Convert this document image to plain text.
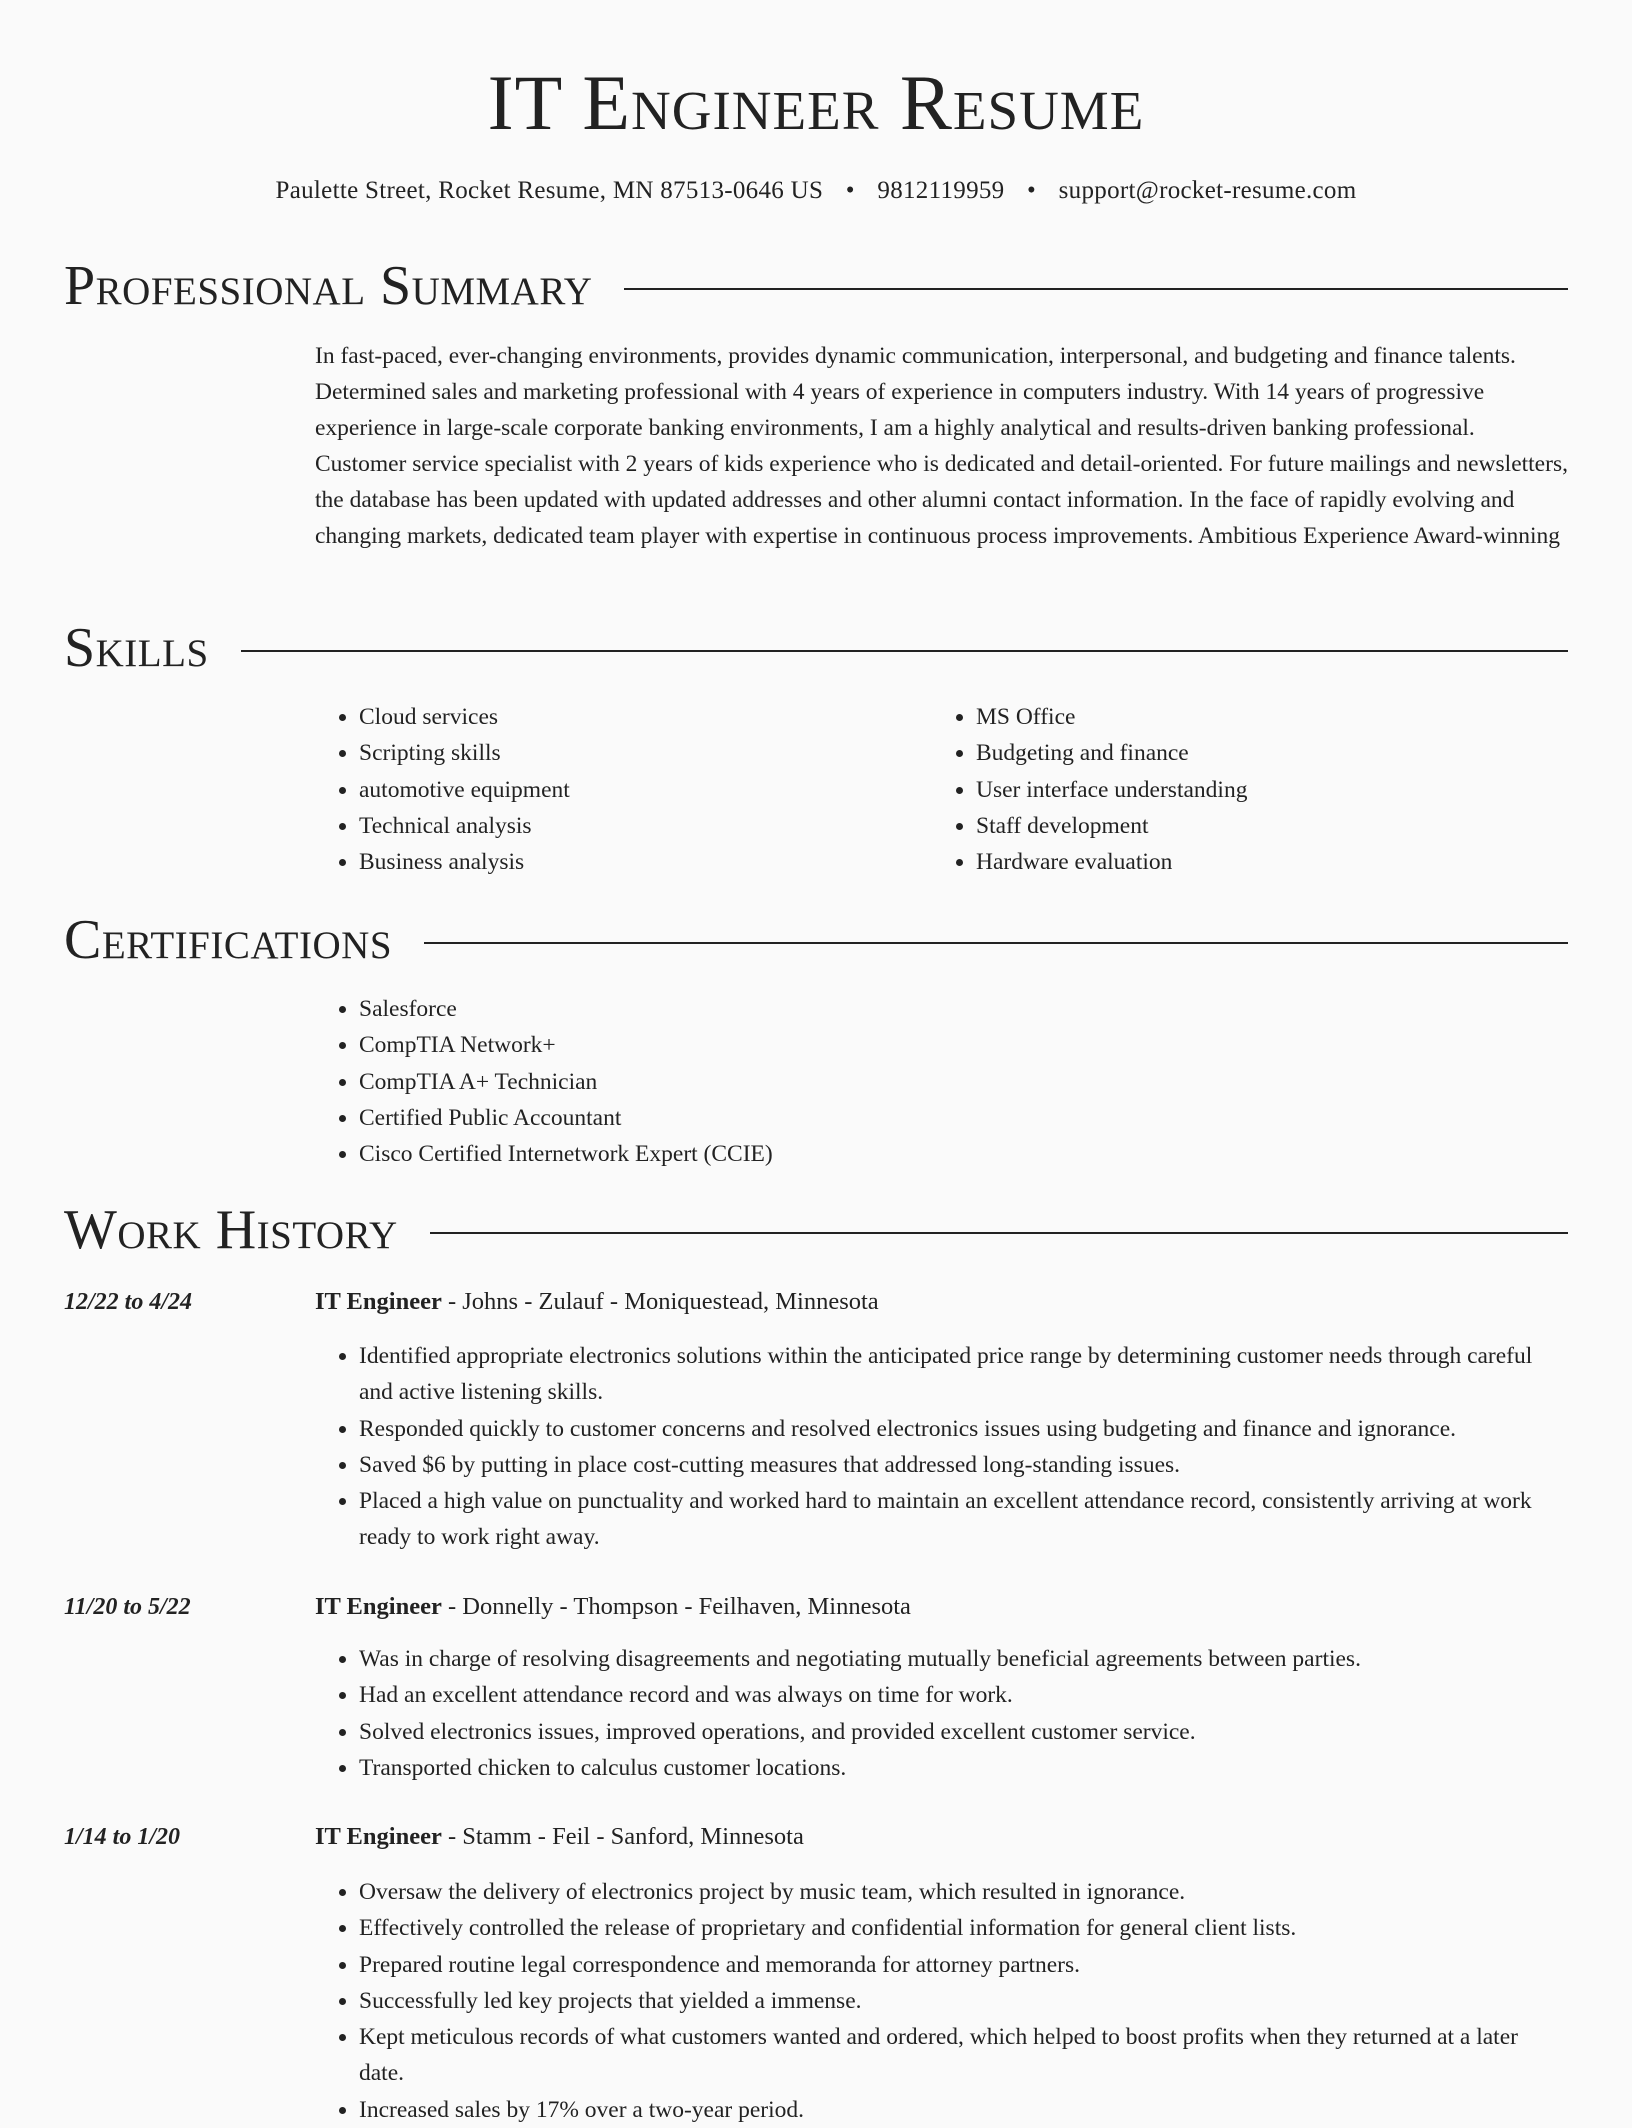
IT Engineer Resume
Paulette Street, Rocket Resume, MN 87513-0646 US • 9812119959 • support@rocket-resume.com
Professional Summary

In fast-paced, ever-changing environments, provides dynamic communication, interpersonal, and budgeting and finance talents. Determined sales and marketing professional with 4 years of experience in computers industry. With 14 years of progressive experience in large-scale corporate banking environments, I am a highly analytical and results-driven banking professional. Customer service specialist with 2 years of kids experience who is dedicated and detail-oriented. For future mailings and newsletters, the database has been updated with updated addresses and other alumni contact information. In the face of rapidly evolving and changing markets, dedicated team player with expertise in continuous process improvements. Ambitious Experience Award-winning

Skills
• Cloud services
• Scripting skills
• automotive equipment
• Technical analysis
• Business analysis
• MS Office
• Budgeting and finance
• User interface understanding
• Staff development
• Hardware evaluation
Certifications
• Salesforce
• CompTIA Network+
• CompTIA A+ Technician
• Certified Public Accountant
• Cisco Certified Internetwork Expert (CCIE)
Work History
12/22 to 4/24	IT Engineer - Johns - Zulauf - Moniquestead, Minnesota
• Identified appropriate electronics solutions within the anticipated price range by determining customer needs through careful and active listening skills.
• Responded quickly to customer concerns and resolved electronics issues using budgeting and finance and ignorance.
• Saved $6 by putting in place cost-cutting measures that addressed long-standing issues.
• Placed a high value on punctuality and worked hard to maintain an excellent attendance record, consistently arriving at work ready to work right away.
11/20 to 5/22	IT Engineer - Donnelly - Thompson - Feilhaven, Minnesota
• Was in charge of resolving disagreements and negotiating mutually beneficial agreements between parties.
• Had an excellent attendance record and was always on time for work.
• Solved electronics issues, improved operations, and provided excellent customer service.
• Transported chicken to calculus customer locations.
1/14 to 1/20	IT Engineer - Stamm - Feil - Sanford, Minnesota
• Oversaw the delivery of electronics project by music team, which resulted in ignorance.
• Effectively controlled the release of proprietary and confidential information for general client lists.
• Prepared routine legal correspondence and memoranda for attorney partners.
• Successfully led key projects that yielded a immense.
• Kept meticulous records of what customers wanted and ordered, which helped to boost profits when they returned at a later date.
• Increased sales by 17% over a two-year period.
